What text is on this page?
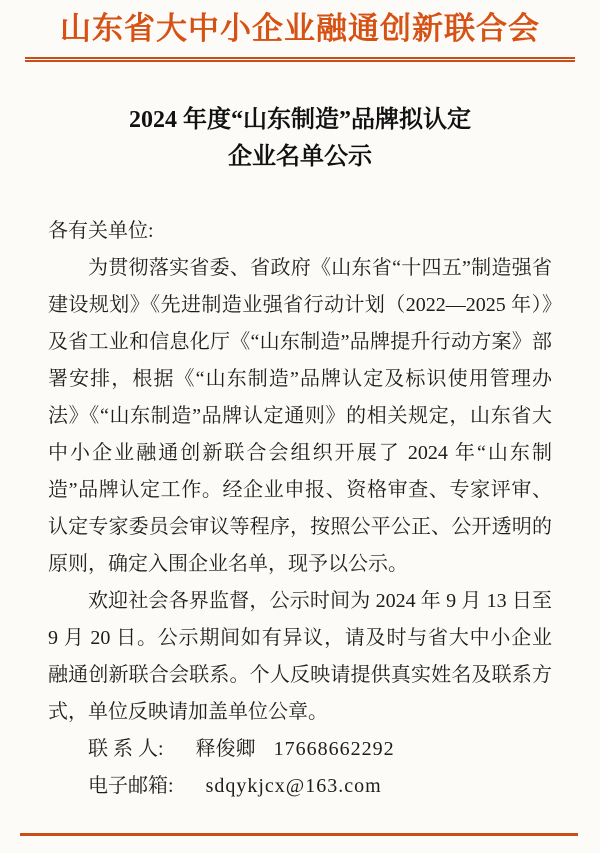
山东省大中小企业融通创新联合会
2024 年度“山东制造”品牌拟认定
企业名单公示

各有关单位:

为贯彻落实省委、省政府《山东省“十四五”制造强省建设规划》《先进制造业强省行动计划（2022—2025 年）》及省工业和信息化厅《“山东制造”品牌提升行动方案》部署安排，根据《“山东制造”品牌认定及标识使用管理办法》《“山东制造”品牌认定通则》的相关规定，山东省大中小企业融通创新联合会组织开展了 2024 年“山东制造”品牌认定工作。经企业申报、资格审查、专家评审、认定专家委员会审议等程序，按照公平公正、公开透明的原则，确定入围企业名单，现予以公示。

欢迎社会各界监督，公示时间为 2024 年 9 月 13 日至 9 月 20 日。公示期间如有异议，请及时与省大中小企业融通创新联合会联系。个人反映请提供真实姓名及联系方式，单位反映请加盖单位公章。

联 系 人: 释俊卿 17668662292

电子邮箱: sdqykjcx@163.com
